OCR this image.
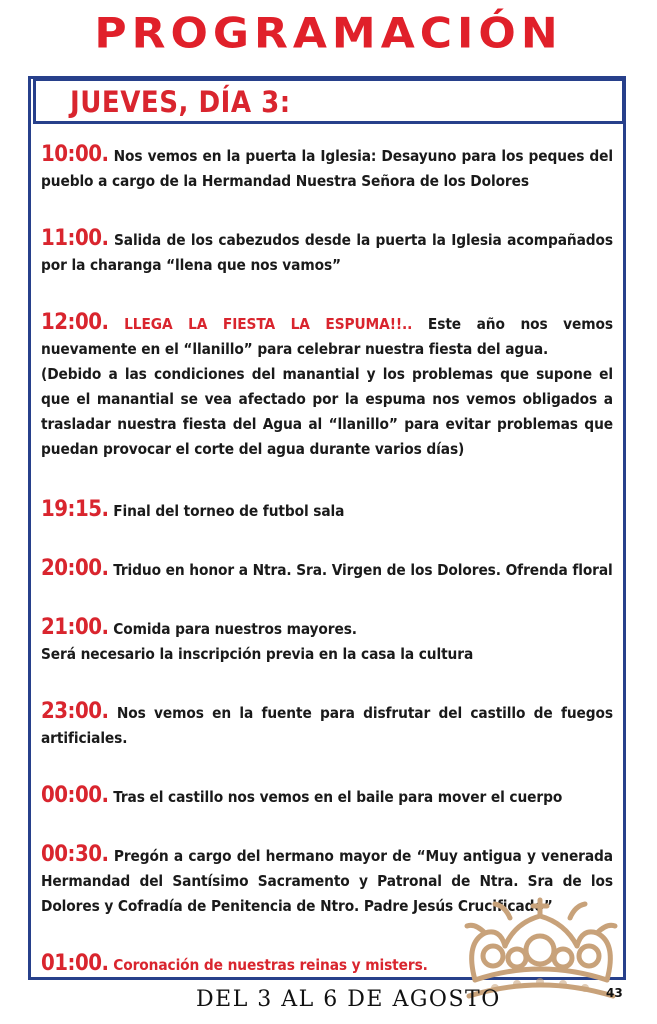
PROGRAMACIÓN
JUEVES, DÍA 3:
10:00. Nos vemos en la puerta la Iglesia: Desayuno para los peques del pueblo a cargo de la Hermandad Nuestra Señora de los Dolores
11:00. Salida de los cabezudos desde la puerta la Iglesia acompañados por la charanga “llena que nos vamos”
12:00. LLEGA LA FIESTA LA ESPUMA!!.. Este año nos vemos nuevamente en el “llanillo” para celebrar nuestra fiesta del agua.
(Debido a las condiciones del manantial y los problemas que supone el que el manantial se vea afectado por la espuma nos vemos obligados a trasladar nuestra fiesta del Agua al “llanillo” para evitar problemas que puedan provocar el corte del agua durante varios días)
19:15. Final del torneo de futbol sala
20:00. Triduo en honor a Ntra. Sra. Virgen de los Dolores. Ofrenda floral
21:00. Comida para nuestros mayores.
Será necesario la inscripción previa en la casa la cultura
23:00. Nos vemos en la fuente para disfrutar del castillo de fuegos artificiales.
00:00. Tras el castillo nos vemos en el baile para mover el cuerpo
00:30. Pregón a cargo del hermano mayor de “Muy antigua y venerada Hermandad del Santísimo Sacramento y Patronal de Ntra. Sra de los Dolores y Cofradía de Penitencia de Ntro. Padre Jesús Crucificado”
01:00. Coronación de nuestras reinas y misters.
DEL 3 AL 6 DE AGOSTO	43
